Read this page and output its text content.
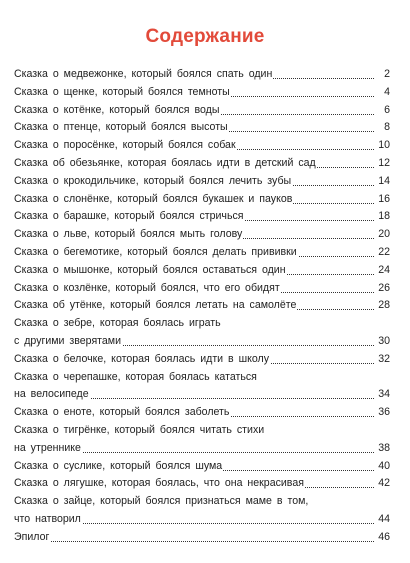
Содержание
Сказка о медвежонке, который боялся спать один	2
Сказка о щенке, который боялся темноты	4
Сказка о котёнке, который боялся воды	6
Сказка о птенце, который боялся высоты	8
Сказка о поросёнке, который боялся собак	10
Сказка об обезьянке, которая боялась идти в детский сад	12
Сказка о крокодильчике, который боялся лечить зубы	14
Сказка о слонёнке, который боялся букашек и пауков	16
Сказка о барашке, который боялся стричься	18
Сказка о льве, который боялся мыть голову	20
Сказка о бегемотике, который боялся делать прививки	22
Сказка о мышонке, который боялся оставаться один	24
Сказка о козлёнке, который боялся, что его обидят	26
Сказка об утёнке, который боялся летать на самолёте	28
Сказка о зебре, которая боялась играть
с другими зверятами	30
Сказка о белочке, которая боялась идти в школу	32
Сказка о черепашке, которая боялась кататься
на велосипеде	34
Сказка о еноте, который боялся заболеть	36
Сказка о тигрёнке, который боялся читать стихи
на утреннике	38
Сказка о суслике, который боялся шума	40
Сказка о лягушке, которая боялась, что она некрасивая	42
Сказка о зайце, который боялся признаться маме в том,
что натворил	44
Эпилог	46
